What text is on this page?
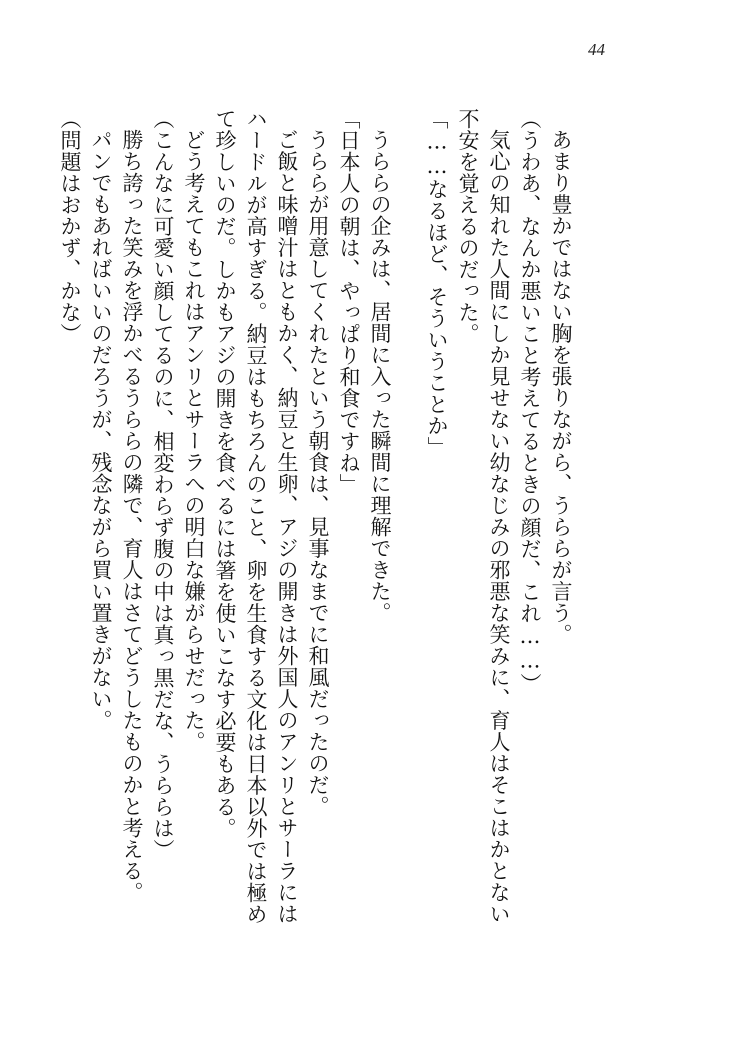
44

あまり豊かではない胸を張りながら、うららが言う。

（うわあ、なんか悪いこと考えてるときの顔だ、これ……）

気心の知れた人間にしか見せない幼なじみの邪悪な笑みに、育人はそこはかとない

不安を覚えるのだった。

「……なるほど、そういうことか」

うららの企みは、居間に入った瞬間に理解できた。

「日本人の朝は、やっぱり和食ですね」

うららが用意してくれたという朝食は、見事なまでに和風だったのだ。

ご飯と味噌汁はともかく、納豆と生卵、アジの開きは外国人のアンリとサーラには

ハードルが高すぎる。納豆はもちろんのこと、卵を生食する文化は日本以外では極め

て珍しいのだ。しかもアジの開きを食べるには箸を使いこなす必要もある。

どう考えてもこれはアンリとサーラへの明白な嫌がらせだった。

（こんなに可愛い顔してるのに、相変わらず腹の中は真っ黒だな、うららは）

勝ち誇った笑みを浮かべるうららの隣で、育人はさてどうしたものかと考える。

パンでもあればいいのだろうが、残念ながら買い置きがない。

（問題はおかず、かな）
